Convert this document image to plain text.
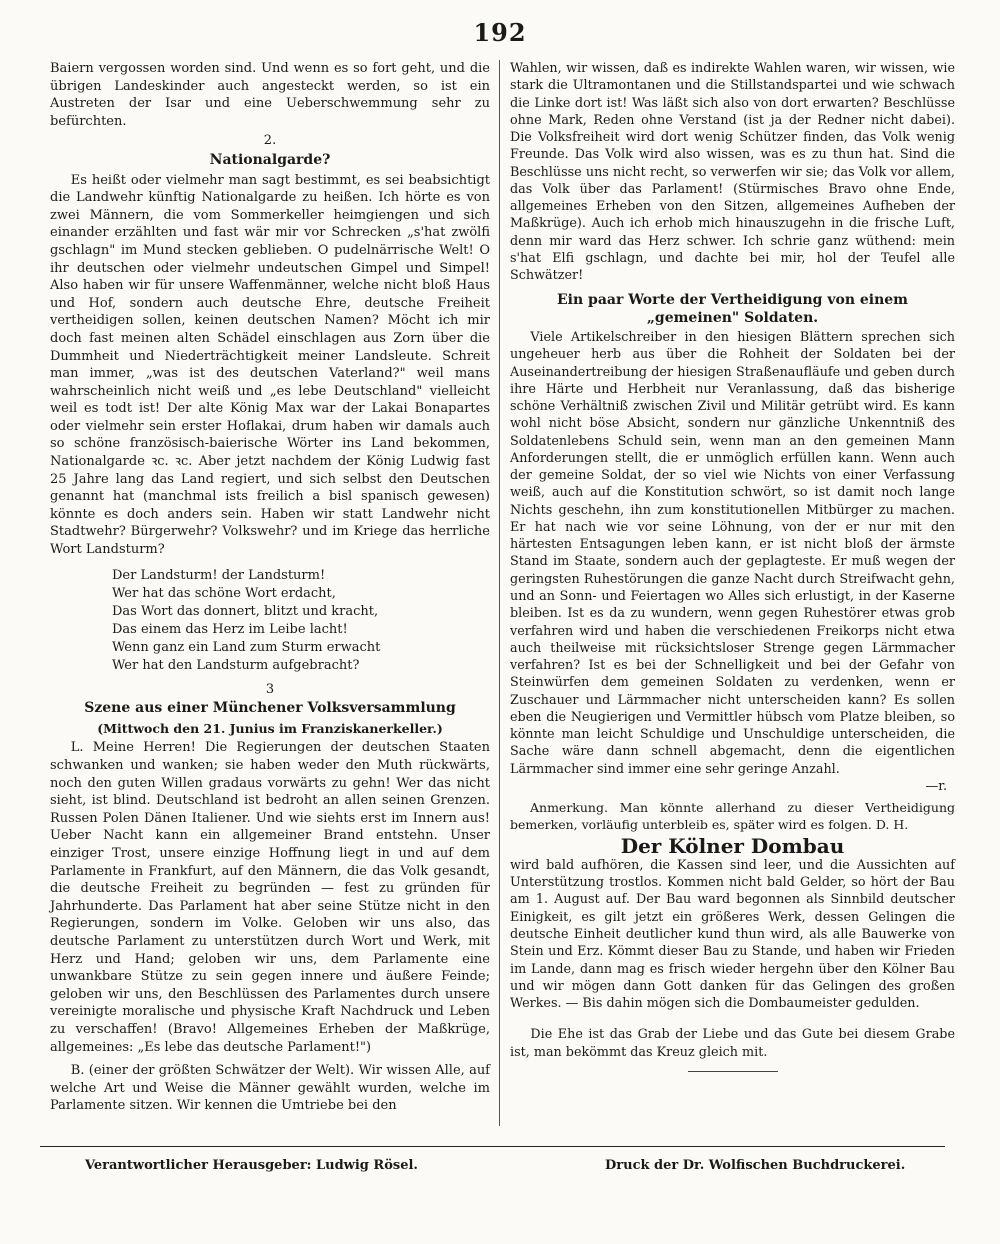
192

Baiern vergossen worden sind. Und wenn es so fort geht, und die übrigen Landeskinder auch angesteckt werden, so ist ein Austreten der Isar und eine Ueberschwemmung sehr zu befürchten.

2.
Nationalgarde?

Es heißt oder vielmehr man sagt bestimmt, es sei beabsichtigt die Landwehr künftig Nationalgarde zu heißen. Ich hörte es von zwei Männern, die vom Sommerkeller heimgiengen und sich einander erzählten und fast wär mir vor Schrecken „s'hat zwölfi gschlagn" im Mund stecken geblieben. O pudelnärrische Welt! O ihr deutschen oder vielmehr undeutschen Gimpel und Simpel! Also haben wir für unsere Waffenmänner, welche nicht bloß Haus und Hof, sondern auch deutsche Ehre, deutsche Freiheit vertheidigen sollen, keinen deutschen Namen? Möcht ich mir doch fast meinen alten Schädel einschlagen aus Zorn über die Dummheit und Niederträchtigkeit meiner Landsleute. Schreit man immer, „was ist des deutschen Vaterland?" weil mans wahrscheinlich nicht weiß und „es lebe Deutschland" vielleicht weil es todt ist! Der alte König Max war der Lakai Bonapartes oder vielmehr sein erster Hoflakai, drum haben wir damals auch so schöne französisch-baierische Wörter ins Land bekommen, Nationalgarde ꝛc. ꝛc. Aber jetzt nachdem der König Ludwig fast 25 Jahre lang das Land regiert, und sich selbst den Deutschen genannt hat (manchmal ists freilich a bisl spanisch gewesen) könnte es doch anders sein. Haben wir statt Landwehr nicht Stadtwehr? Bürgerwehr? Volkswehr? und im Kriege das herrliche Wort Landsturm?

Der Landsturm! der Landsturm!
Wer hat das schöne Wort erdacht,
Das Wort das donnert, blitzt und kracht,
Das einem das Herz im Leibe lacht!
Wenn ganz ein Land zum Sturm erwacht
Wer hat den Landsturm aufgebracht?
3
Szene aus einer Münchener Volksversammlung
(Mittwoch den 21. Junius im Franziskanerkeller.)

L. Meine Herren! Die Regierungen der deutschen Staaten schwanken und wanken; sie haben weder den Muth rückwärts, noch den guten Willen gradaus vorwärts zu gehn! Wer das nicht sieht, ist blind. Deutschland ist bedroht an allen seinen Grenzen. Russen Polen Dänen Italiener. Und wie siehts erst im Innern aus! Ueber Nacht kann ein allgemeiner Brand entstehn. Unser einziger Trost, unsere einzige Hoffnung liegt in und auf dem Parlamente in Frankfurt, auf den Männern, die das Volk gesandt, die deutsche Freiheit zu begründen — fest zu gründen für Jahrhunderte. Das Parlament hat aber seine Stütze nicht in den Regierungen, sondern im Volke. Geloben wir uns also, das deutsche Parlament zu unterstützen durch Wort und Werk, mit Herz und Hand; geloben wir uns, dem Parlamente eine unwankbare Stütze zu sein gegen innere und äußere Feinde; geloben wir uns, den Beschlüssen des Parlamentes durch unsere vereinigte moralische und physische Kraft Nachdruck und Leben zu verschaffen! (Bravo! Allgemeines Erheben der Maßkrüge, allgemeines: „Es lebe das deutsche Parlament!")

B. (einer der größten Schwätzer der Welt). Wir wissen Alle, auf welche Art und Weise die Männer gewählt wurden, welche im Parlamente sitzen. Wir kennen die Umtriebe bei den

Wahlen, wir wissen, daß es indirekte Wahlen waren, wir wissen, wie stark die Ultramontanen und die Stillstandspartei und wie schwach die Linke dort ist! Was läßt sich also von dort erwarten? Beschlüsse ohne Mark, Reden ohne Verstand (ist ja der Redner nicht dabei). Die Volksfreiheit wird dort wenig Schützer finden, das Volk wenig Freunde. Das Volk wird also wissen, was es zu thun hat. Sind die Beschlüsse uns nicht recht, so verwerfen wir sie; das Volk vor allem, das Volk über das Parlament! (Stürmisches Bravo ohne Ende, allgemeines Erheben von den Sitzen, allgemeines Aufheben der Maßkrüge). Auch ich erhob mich hinauszugehn in die frische Luft, denn mir ward das Herz schwer. Ich schrie ganz wüthend: mein s'hat Elfi gschlagn, und dachte bei mir, hol der Teufel alle Schwätzer!

Ein paar Worte der Vertheidigung von einem „gemeinen" Soldaten.

Viele Artikelschreiber in den hiesigen Blättern sprechen sich ungeheuer herb aus über die Rohheit der Soldaten bei der Auseinandertreibung der hiesigen Straßenaufläufe und geben durch ihre Härte und Herbheit nur Veranlassung, daß das bisherige schöne Verhältniß zwischen Zivil und Militär getrübt wird. Es kann wohl nicht böse Absicht, sondern nur gänzliche Unkenntniß des Soldatenlebens Schuld sein, wenn man an den gemeinen Mann Anforderungen stellt, die er unmöglich erfüllen kann. Wenn auch der gemeine Soldat, der so viel wie Nichts von einer Verfassung weiß, auch auf die Konstitution schwört, so ist damit noch lange Nichts geschehn, ihn zum konstitutionellen Mitbürger zu machen. Er hat nach wie vor seine Löhnung, von der er nur mit den härtesten Entsagungen leben kann, er ist nicht bloß der ärmste Stand im Staate, sondern auch der geplagteste. Er muß wegen der geringsten Ruhestörungen die ganze Nacht durch Streifwacht gehn, und an Sonn- und Feiertagen wo Alles sich erlustigt, in der Kaserne bleiben. Ist es da zu wundern, wenn gegen Ruhestörer etwas grob verfahren wird und haben die verschiedenen Freikorps nicht etwa auch theilweise mit rücksichtsloser Strenge gegen Lärmmacher verfahren? Ist es bei der Schnelligkeit und bei der Gefahr von Steinwürfen dem gemeinen Soldaten zu verdenken, wenn er Zuschauer und Lärmmacher nicht unterscheiden kann? Es sollen eben die Neugierigen und Vermittler hübsch vom Platze bleiben, so könnte man leicht Schuldige und Unschuldige unterscheiden, die Sache wäre dann schnell abgemacht, denn die eigentlichen Lärmmacher sind immer eine sehr geringe Anzahl.

—r.

Anmerkung. Man könnte allerhand zu dieser Vertheidigung bemerken, vorläufig unterbleib es, später wird es folgen. D. H.

Der Kölner Dombau

wird bald aufhören, die Kassen sind leer, und die Aussichten auf Unterstützung trostlos. Kommen nicht bald Gelder, so hört der Bau am 1. August auf. Der Bau ward begonnen als Sinnbild deutscher Einigkeit, es gilt jetzt ein größeres Werk, dessen Gelingen die deutsche Einheit deutlicher kund thun wird, als alle Bauwerke von Stein und Erz. Kömmt dieser Bau zu Stande, und haben wir Frieden im Lande, dann mag es frisch wieder hergehn über den Kölner Bau und wir mögen dann Gott danken für das Gelingen des großen Werkes. — Bis dahin mögen sich die Dombaumeister gedulden.

Die Ehe ist das Grab der Liebe und das Gute bei diesem Grabe ist, man bekömmt das Kreuz gleich mit.

Verantwortlicher Herausgeber: Ludwig Rösel.	Druck der Dr. Wolfischen Buchdruckerei.
